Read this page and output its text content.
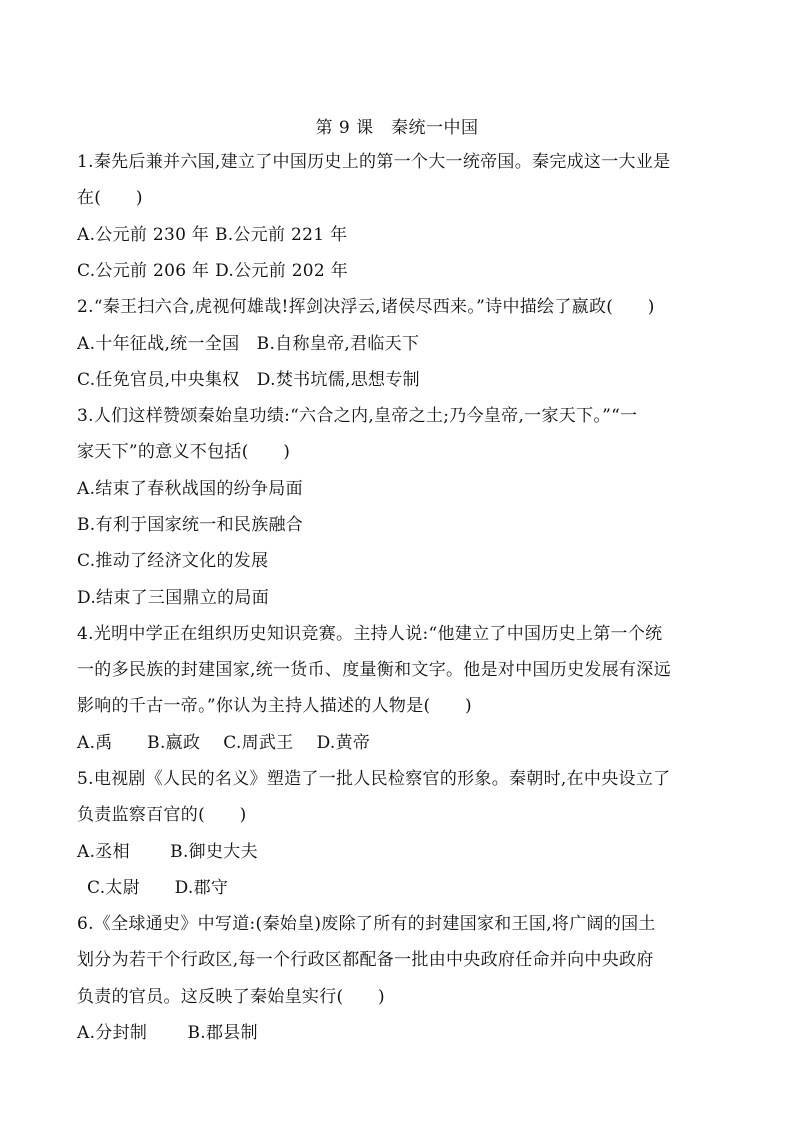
第 9 课　秦统一中国
1.秦先后兼并六国,建立了中国历史上的第一个大一统帝国。秦完成这一大业是
在(　　)
A.公元前 230 年 B.公元前 221 年
C.公元前 206 年 D.公元前 202 年
2.“秦王扫六合,虎视何雄哉!挥剑决浮云,诸侯尽西来。”诗中描绘了嬴政(　　)
A.十年征战,统一全国　B.自称皇帝,君临天下
C.任免官员,中央集权　D.焚书坑儒,思想专制
3.人们这样赞颂秦始皇功绩:“六合之内,皇帝之土;乃今皇帝,一家天下。”“一
家天下”的意义不包括(　　)
A.结束了春秋战国的纷争局面
B.有利于国家统一和民族融合
C.推动了经济文化的发展
D.结束了三国鼎立的局面
4.光明中学正在组织历史知识竞赛。主持人说:“他建立了中国历史上第一个统
一的多民族的封建国家,统一货币、度量衡和文字。他是对中国历史发展有深远
影响的千古一帝。”你认为主持人描述的人物是(　　)
A.禹　　B.嬴政　 C.周武王　 D.黄帝
5.电视剧《人民的名义》塑造了一批人民检察官的形象。秦朝时,在中央设立了
负责监察百官的(　　)
A.丞相　　 B.御史大夫
C.太尉　　D.郡守
6.《全球通史》中写道:(秦始皇)废除了所有的封建国家和王国,将广阔的国土
划分为若干个行政区,每一个行政区都配备一批由中央政府任命并向中央政府
负责的官员。这反映了秦始皇实行(　　)
A.分封制　　 B.郡县制
